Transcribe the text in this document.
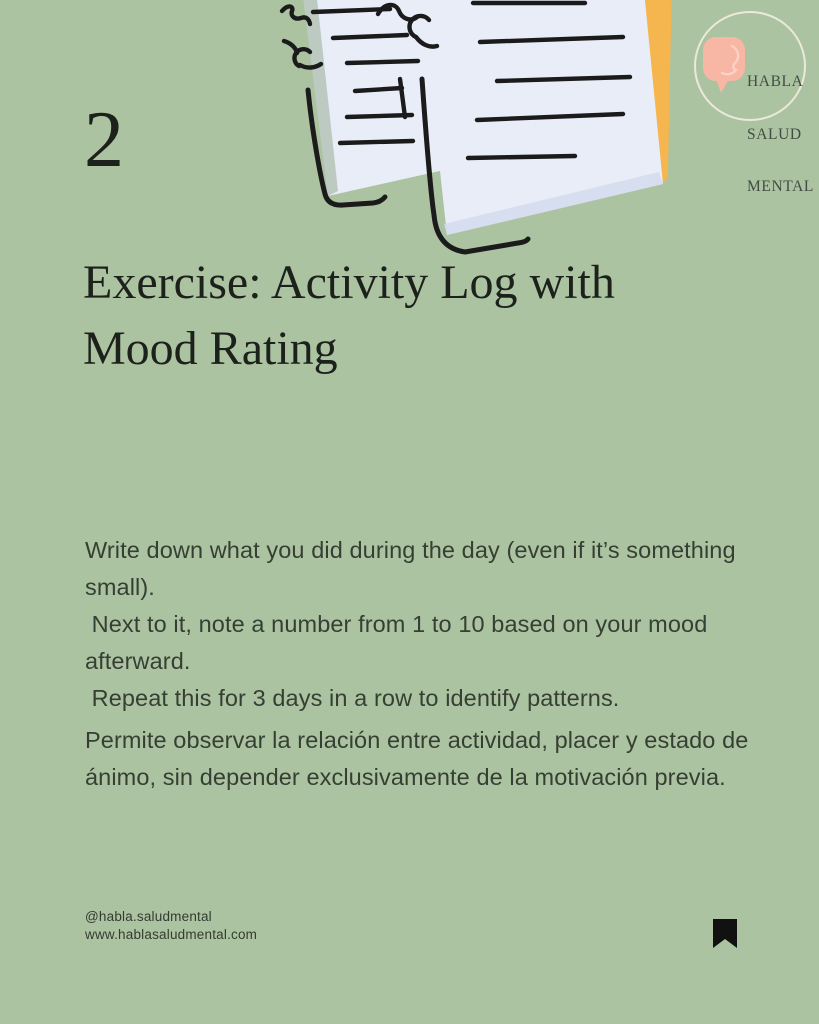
HABLA

SALUD

MENTAL

2
Exercise: Activity Log with
Mood Rating
Write down what you did during the day (even if it’s something
small).
Next to it, note a number from 1 to 10 based on your mood
afterward.
Repeat this for 3 days in a row to identify patterns.
Permite observar la relación entre actividad, placer y estado de
ánimo, sin depender exclusivamente de la motivación previa.
@habla.saludmental
www.hablasaludmental.com
